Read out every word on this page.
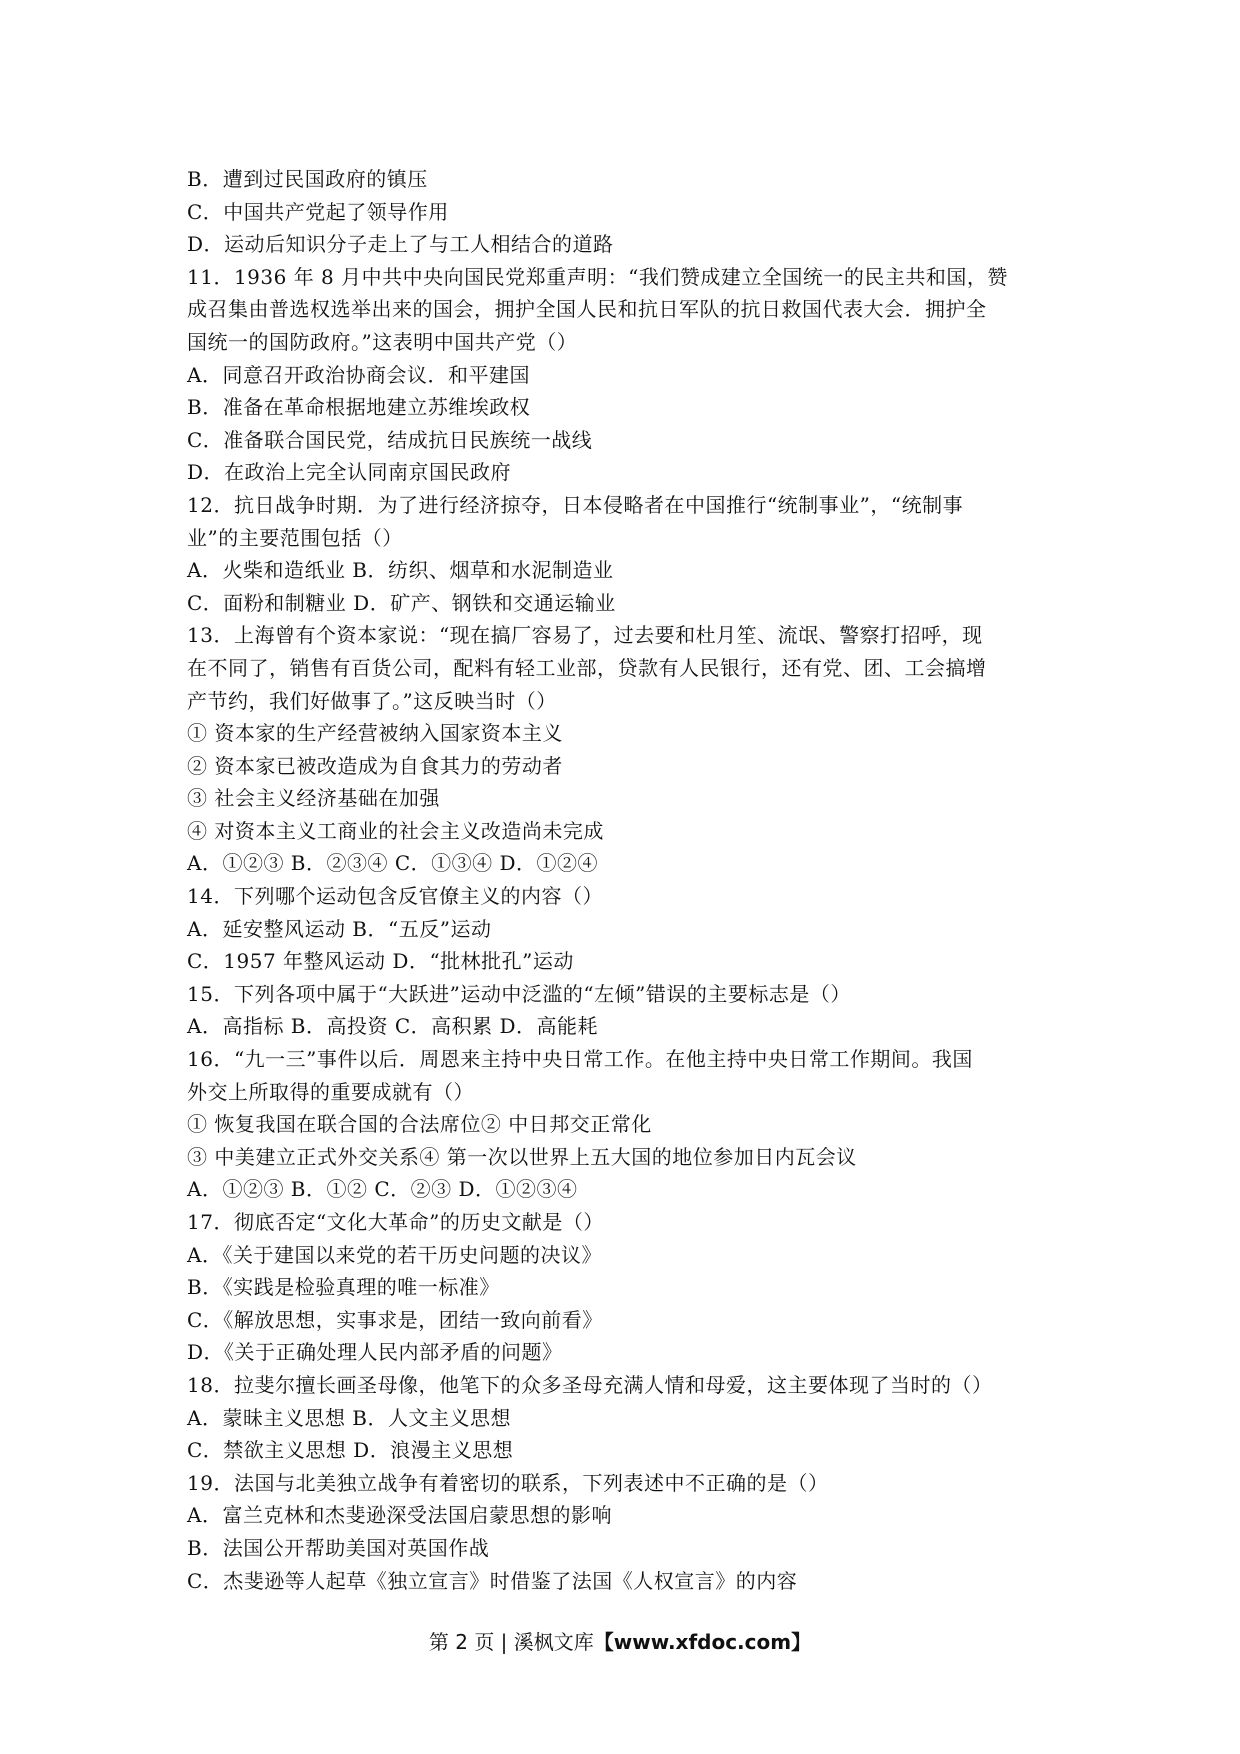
B．遭到过民国政府的镇压
C．中国共产党起了领导作用
D．运动后知识分子走上了与工人相结合的道路
11．1936 年 8 月中共中央向国民党郑重声明：“我们赞成建立全国统一的民主共和国，赞
成召集由普选权选举出来的国会，拥护全国人民和抗日军队的抗日救国代表大会．拥护全
国统一的国防政府。”这表明中国共产党（）
A．同意召开政治协商会议．和平建国
B．准备在革命根据地建立苏维埃政权
C．准备联合国民党，结成抗日民族统一战线
D．在政治上完全认同南京国民政府
12．抗日战争时期．为了进行经济掠夺，日本侵略者在中国推行“统制事业”，“统制事
业”的主要范围包括（）
A．火柴和造纸业 B．纺织、烟草和水泥制造业
C．面粉和制糖业 D．矿产、钢铁和交通运输业
13．上海曾有个资本家说：“现在搞厂容易了，过去要和杜月笙、流氓、警察打招呼，现
在不同了，销售有百货公司，配料有轻工业部，贷款有人民银行，还有党、团、工会搞增
产节约，我们好做事了。”这反映当时（）
① 资本家的生产经营被纳入国家资本主义
② 资本家已被改造成为自食其力的劳动者
③ 社会主义经济基础在加强
④ 对资本主义工商业的社会主义改造尚未完成
A．①②③ B．②③④ C．①③④ D．①②④
14．下列哪个运动包含反官僚主义的内容（）
A．延安整风运动 B．“五反”运动
C．1957 年整风运动 D．“批林批孔”运动
15．下列各项中属于“大跃进”运动中泛滥的“左倾”错误的主要标志是（）
A．高指标 B．高投资 C．高积累 D．高能耗
16．“九一三”事件以后．周恩来主持中央日常工作。在他主持中央日常工作期间。我国
外交上所取得的重要成就有（）
① 恢复我国在联合国的合法席位② 中日邦交正常化
③ 中美建立正式外交关系④ 第一次以世界上五大国的地位参加日内瓦会议
A．①②③ B．①② C．②③ D．①②③④
17．彻底否定“文化大革命”的历史文献是（）
A．《关于建国以来党的若干历史问题的决议》
B．《实践是检验真理的唯一标准》
C．《解放思想，实事求是，团结一致向前看》
D．《关于正确处理人民内部矛盾的问题》
18．拉斐尔擅长画圣母像，他笔下的众多圣母充满人情和母爱，这主要体现了当时的（）
A．蒙昧主义思想 B．人文主义思想
C．禁欲主义思想 D．浪漫主义思想
19．法国与北美独立战争有着密切的联系，下列表述中不正确的是（）
A．富兰克林和杰斐逊深受法国启蒙思想的影响
B．法国公开帮助美国对英国作战
C．杰斐逊等人起草《独立宣言》时借鉴了法国《人权宣言》的内容
第 2 页 | 溪枫文库【www.xfdoc.com】
